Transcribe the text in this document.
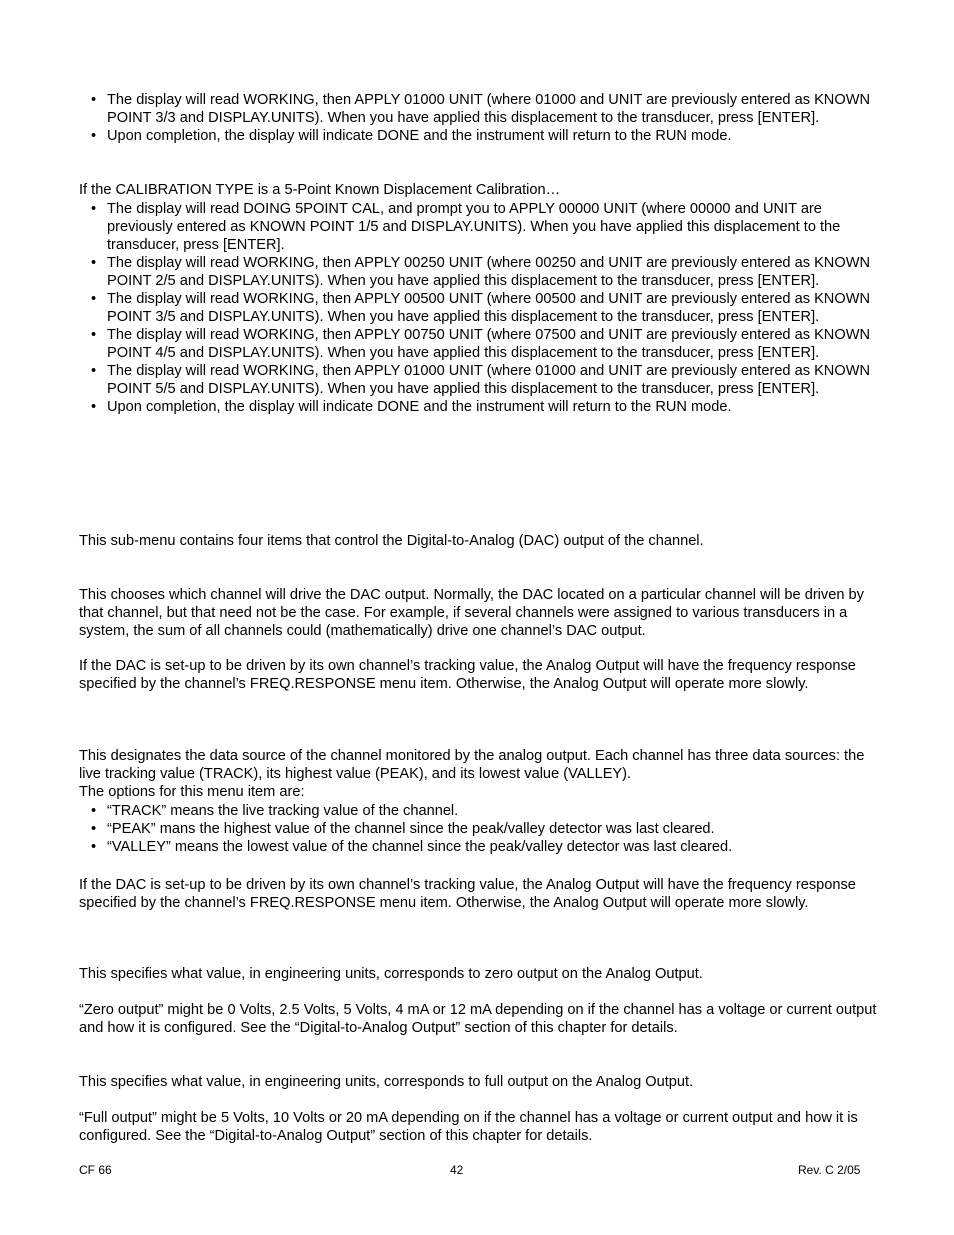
• The display will read WORKING, then APPLY 01000 UNIT (where 01000 and UNIT are previously entered as KNOWN POINT 3/3 and DISPLAY.UNITS). When you have applied this displacement to the transducer, press [ENTER].
• Upon completion, the display will indicate DONE and the instrument will return to the RUN mode.

If the CALIBRATION TYPE is a 5-Point Known Displacement Calibration…

• The display will read DOING 5POINT CAL, and prompt you to APPLY 00000 UNIT (where 00000 and UNIT are previously entered as KNOWN POINT 1/5 and DISPLAY.UNITS). When you have applied this displacement to the transducer, press [ENTER].
• The display will read WORKING, then APPLY 00250 UNIT (where 00250 and UNIT are previously entered as KNOWN POINT 2/5 and DISPLAY.UNITS). When you have applied this displacement to the transducer, press [ENTER].
• The display will read WORKING, then APPLY 00500 UNIT (where 00500 and UNIT are previously entered as KNOWN POINT 3/5 and DISPLAY.UNITS). When you have applied this displacement to the transducer, press [ENTER].
• The display will read WORKING, then APPLY 00750 UNIT (where 07500 and UNIT are previously entered as KNOWN POINT 4/5 and DISPLAY.UNITS). When you have applied this displacement to the transducer, press [ENTER].
• The display will read WORKING, then APPLY 01000 UNIT (where 01000 and UNIT are previously entered as KNOWN POINT 5/5 and DISPLAY.UNITS). When you have applied this displacement to the transducer, press [ENTER].
• Upon completion, the display will indicate DONE and the instrument will return to the RUN mode.

This sub-menu contains four items that control the Digital-to-Analog (DAC) output of the channel.

This chooses which channel will drive the DAC output. Normally, the DAC located on a particular channel will be driven by that channel, but that need not be the case. For example, if several channels were assigned to various transducers in a system, the sum of all channels could (mathematically) drive one channel’s DAC output.

If the DAC is set-up to be driven by its own channel’s tracking value, the Analog Output will have the frequency response specified by the channel’s FREQ.RESPONSE menu item. Otherwise, the Analog Output will operate more slowly.

This designates the data source of the channel monitored by the analog output. Each channel has three data sources: the live tracking value (TRACK), its highest value (PEAK), and its lowest value (VALLEY).

The options for this menu item are:

• “TRACK” means the live tracking value of the channel.
• “PEAK” mans the highest value of the channel since the peak/valley detector was last cleared.
• “VALLEY” means the lowest value of the channel since the peak/valley detector was last cleared.

If the DAC is set-up to be driven by its own channel’s tracking value, the Analog Output will have the frequency response specified by the channel’s FREQ.RESPONSE menu item. Otherwise, the Analog Output will operate more slowly.

This specifies what value, in engineering units, corresponds to zero output on the Analog Output.

“Zero output” might be 0 Volts, 2.5 Volts, 5 Volts, 4 mA or 12 mA depending on if the channel has a voltage or current output and how it is configured. See the “Digital-to-Analog Output” section of this chapter for details.

This specifies what value, in engineering units, corresponds to full output on the Analog Output.

“Full output” might be 5 Volts, 10 Volts or 20 mA depending on if the channel has a voltage or current output and how it is configured. See the “Digital-to-Analog Output” section of this chapter for details.

CF 66	42	Rev. C 2/05
